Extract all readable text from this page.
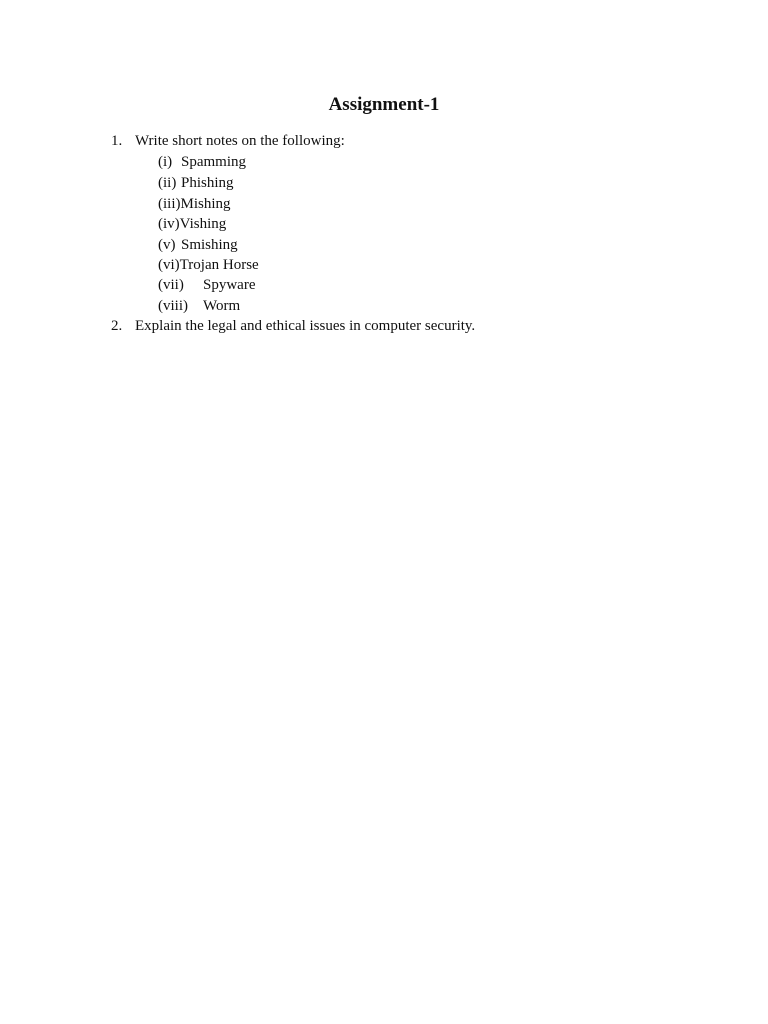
Assignment-1
1. Write short notes on the following:
(i) Spamming
(ii) Phishing
(iii)Mishing
(iv)Vishing
(v) Smishing
(vi)Trojan Horse
(vii) Spyware
(viii) Worm
2. Explain the legal and ethical issues in computer security.
